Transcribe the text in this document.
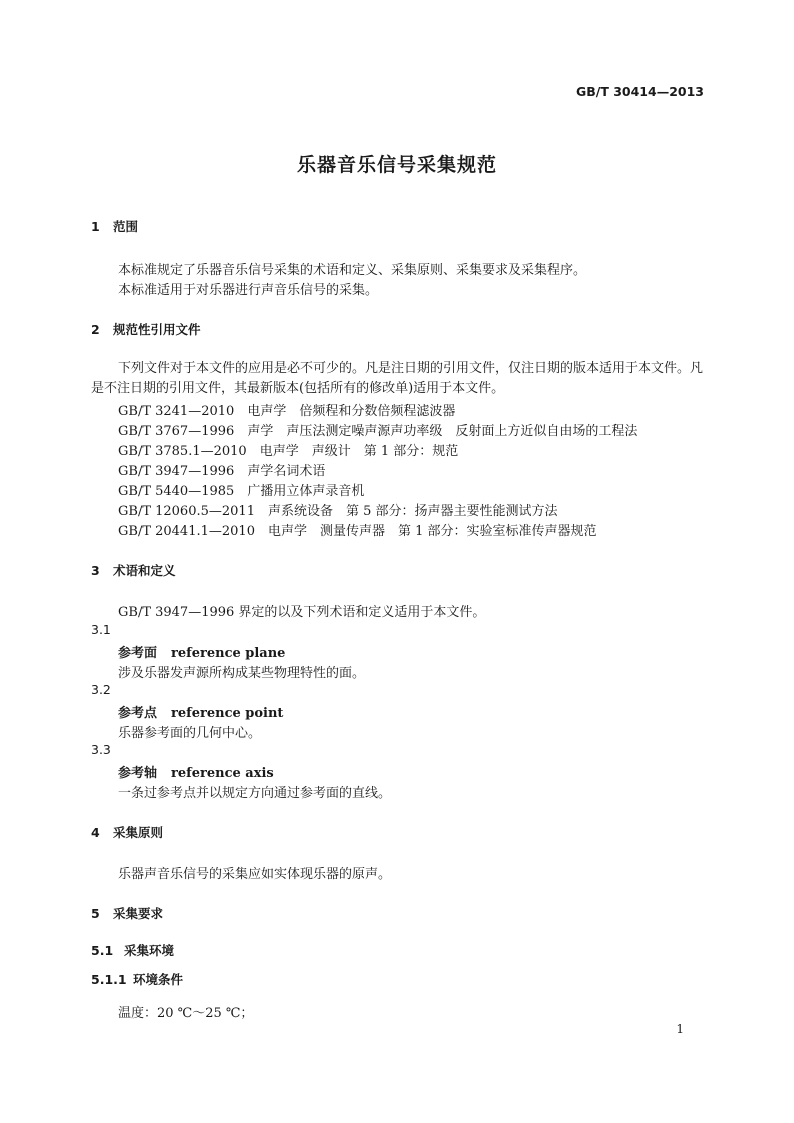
GB/T 30414—2013
乐器音乐信号采集规范
1 范围
本标准规定了乐器音乐信号采集的术语和定义、采集原则、采集要求及采集程序。
本标准适用于对乐器进行声音乐信号的采集。
2 规范性引用文件
下列文件对于本文件的应用是必不可少的。凡是注日期的引用文件，仅注日期的版本适用于本文件。凡是不注日期的引用文件，其最新版本(包括所有的修改单)适用于本文件。
GB/T 3241—2010　 电声学　倍频程和分数倍频程滤波器
GB/T 3767—1996　 声学　声压法测定噪声源声功率级　反射面上方近似自由场的工程法
GB/T 3785.1—2010　 电声学　声级计　第 1 部分：规范
GB/T 3947—1996　 声学名词术语
GB/T 5440—1985　 广播用立体声录音机
GB/T 12060.5—2011　 声系统设备　第 5 部分：扬声器主要性能测试方法
GB/T 20441.1—2010　 电声学　测量传声器　第 1 部分：实验室标准传声器规范
3 术语和定义
GB/T 3947—1996 界定的以及下列术语和定义适用于本文件。
3.1
参考面 reference plane
涉及乐器发声源所构成某些物理特性的面。
3.2
参考点 reference point
乐器参考面的几何中心。
3.3
参考轴 reference axis
一条过参考点并以规定方向通过参考面的直线。
4 采集原则
乐器声音乐信号的采集应如实体现乐器的原声。
5 采集要求
5.1 采集环境
5.1.1 环境条件
温度：20 ℃～25 ℃；
1
